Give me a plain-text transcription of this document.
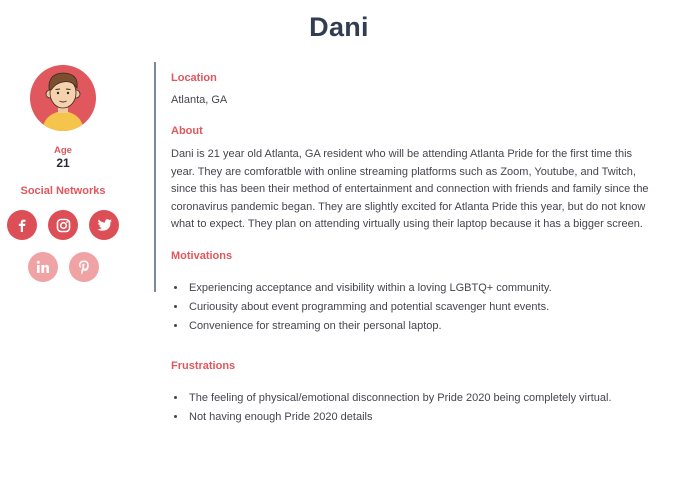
Dani
Age
21
Social Networks
Location
Atlanta, GA
About
Dani is 21 year old Atlanta, GA resident who will be attending Atlanta Pride for the first time this year. They are comforatble with online streaming platforms such as Zoom, Youtube, and Twitch, since this has been their method of entertainment and connection with friends and family since the coronavirus pandemic began. They are slightly excited for Atlanta Pride this year, but do not know what to expect. They plan on attending virtually using their laptop because it has a bigger screen.
Motivations
• Experiencing acceptance and visibility within a loving LGBTQ+ community.
• Curiousity about event programming and potential scavenger hunt events.
• Convenience for streaming on their personal laptop.
Frustrations
• The feeling of physical/emotional disconnection by Pride 2020 being completely virtual.
• Not having enough Pride 2020 details
